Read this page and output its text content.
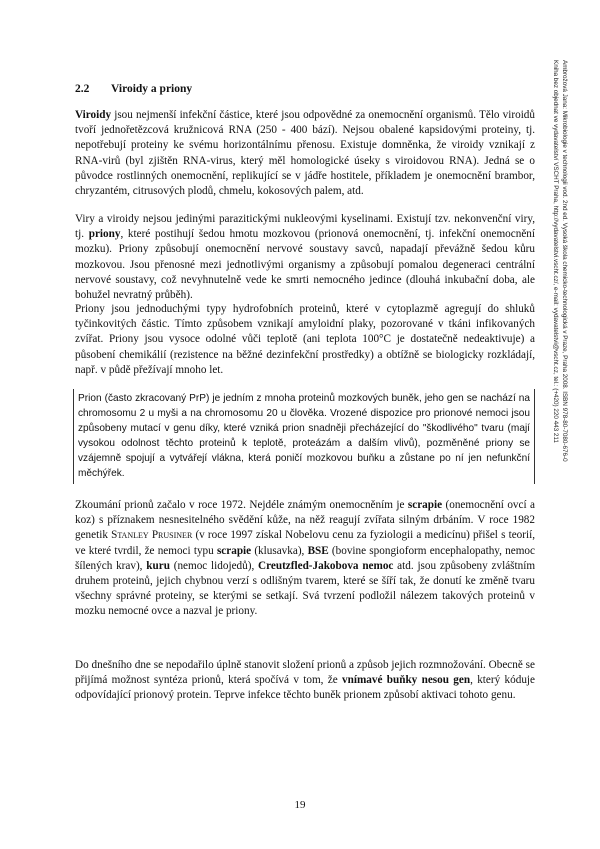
2.2 Viroidy a priony

Viroidy jsou nejmenší infekční částice, které jsou odpovědné za onemocnění organismů. Tělo viroidů tvoří jednořetězcová kružnicová RNA (250 - 400 bází). Nejsou obalené kapsidovými proteiny, tj. nepotřebují proteiny ke svému horizontálnímu přenosu. Existuje domněnka, že viroidy vznikají z RNA-virů (byl zjištěn RNA-virus, který měl homologické úseky s viroidovou RNA). Jedná se o původce rostlinných onemocnění, replikující se v jádře hostitele, příkladem je onemocnění brambor, chryzantém, citrusových plodů, chmelu, kokosových palem, atd.

Viry a viroidy nejsou jedinými parazitickými nukleovými kyselinami. Existují tzv. nekonvenční viry, tj. priony, které postihují šedou hmotu mozkovou (prionová onemocnění, tj. infekční onemocnění mozku). Priony způsobují onemocnění nervové soustavy savců, napadají převážně šedou kůru mozkovou. Jsou přenosné mezi jednotlivými organismy a způsobují pomalou degeneraci centrální nervové soustavy, což nevyhnutelně vede ke smrti nemocného jedince (dlouhá inkubační doba, ale bohužel nevratný průběh).

Priony jsou jednoduchými typy hydrofobních proteinů, které v cytoplazmě agregují do shluků tyčinkovitých částic. Tímto způsobem vznikají amyloidní plaky, pozorované v tkáni infikovaných zvířat. Priony jsou vysoce odolné vůči teplotě (ani teplota 100°C je dostatečně nedeaktivuje) a působení chemikálií (rezistence na běžné dezinfekční prostředky) a obtížně se biologicky rozkládají, např. v půdě přežívají mnoho let.

Prion (často zkracovaný PrP) je jedním z mnoha proteinů mozkových buněk, jeho gen se nachází na chromosomu 2 u myši a na chromosomu 20 u člověka. Vrozené dispozice pro prionové nemoci jsou způsobeny mutací v genu díky, které vzniká prion snadněji přecházející do "škodlivého" tvaru (mají vysokou odolnost těchto proteinů k teplotě, proteázám a dalším vlivů), pozměněné priony se vzájemně spojují a vytvářejí vlákna, která poničí mozkovou buňku a zůstane po ní jen nefunkční měchýřek.

Zkoumání prionů začalo v roce 1972. Nejdéle známým onemocněním je scrapie (onemocnění ovcí a koz) s příznakem nesnesitelného svědění kůže, na něž reagují zvířata silným drbáním. V roce 1982 genetik Stanley Prusiner (v roce 1997 získal Nobelovu cenu za fyziologii a medicínu) přišel s teorií, ve které tvrdil, že nemoci typu scrapie (klusavka), BSE (bovine spongioform encephalopathy, nemoc šílených krav), kuru (nemoc lidojedů), Creutzfled-Jakobova nemoc atd. jsou způsobeny zvláštním druhem proteinů, jejich chybnou verzí s odlišným tvarem, které se šíří tak, že donutí ke změně tvaru všechny správné proteiny, se kterými se setkají. Svá tvrzení podložil nálezem takových proteinů v mozku nemocné ovce a nazval je priony.

Do dnešního dne se nepodařilo úplně stanovit složení prionů a způsob jejich rozmnožování. Obecně se přijímá možnost syntéza prionů, která spočívá v tom, že vnímavé buňky nesou gen, který kóduje odpovídající prionový protein. Teprve infekce těchto buněk prionem způsobí aktivaci tohoto genu.

Ambrožová Jana: Mikrobiologie v technologii vod. 2nd ed. Vysoká škola chemicko-technologická v Praze, Praha 2008. ISBN 978-80-7080-676-0
Kniha bez objednat ve vydavatelství VŠCHT Praha, http://vydavatelstvi.vscht.cz/, e-mail: vydavatelstvi@vscht.cz, tel.: (+420) 220 443 211
19
